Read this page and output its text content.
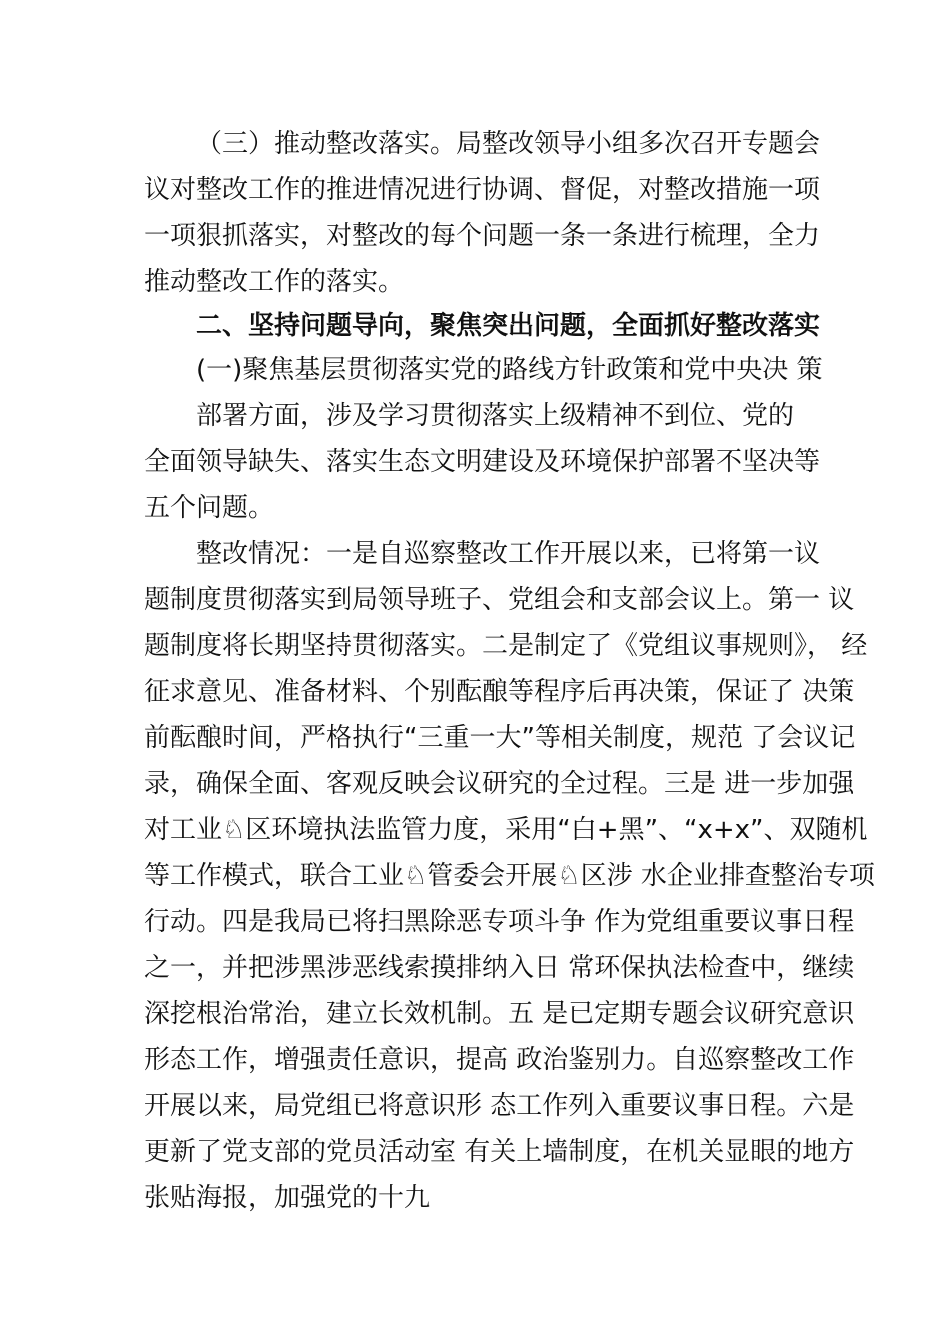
（三）推动整改落实。局整改领导小组多次召开专题会
议对整改工作的推进情况进行协调、督促，对整改措施一项
一项狠抓落实，对整改的每个问题一条一条进行梳理，全力
推动整改工作的落实。
二、坚持问题导向，聚焦突出问题，全面抓好整改落实
(一)聚焦基层贯彻落实党的路线方针政策和党中央决 策
部署方面，涉及学习贯彻落实上级精神不到位、党的
全面领导缺失、落实生态文明建设及环境保护部署不坚决等
五个问题。
整改情况：一是自巡察整改工作开展以来，已将第一议
题制度贯彻落实到局领导班子、党组会和支部会议上。第一 议
题制度将长期坚持贯彻落实。二是制定了《党组议事规则》， 经
征求意见、准备材料、个别酝酿等程序后再决策，保证了 决策
前酝酿时间，严格执行“三重一大”等相关制度，规范 了会议记
录，确保全面、客观反映会议研究的全过程。三是 进一步加强
对工业♘区环境执法监管力度，采用“白+黑”、“x+x”、双随机
等工作模式，联合工业♘管委会开展♘区涉 水企业排查整治专项
行动。四是我局已将扫黑除恶专项斗争 作为党组重要议事日程
之一，并把涉黑涉恶线索摸排纳入日 常环保执法检查中，继续
深挖根治常治，建立长效机制。五 是已定期专题会议研究意识
形态工作，增强责任意识，提高 政治鉴别力。自巡察整改工作
开展以来，局党组已将意识形 态工作列入重要议事日程。六是
更新了党支部的党员活动室 有关上墙制度，在机关显眼的地方
张贴海报，加强党的十九
